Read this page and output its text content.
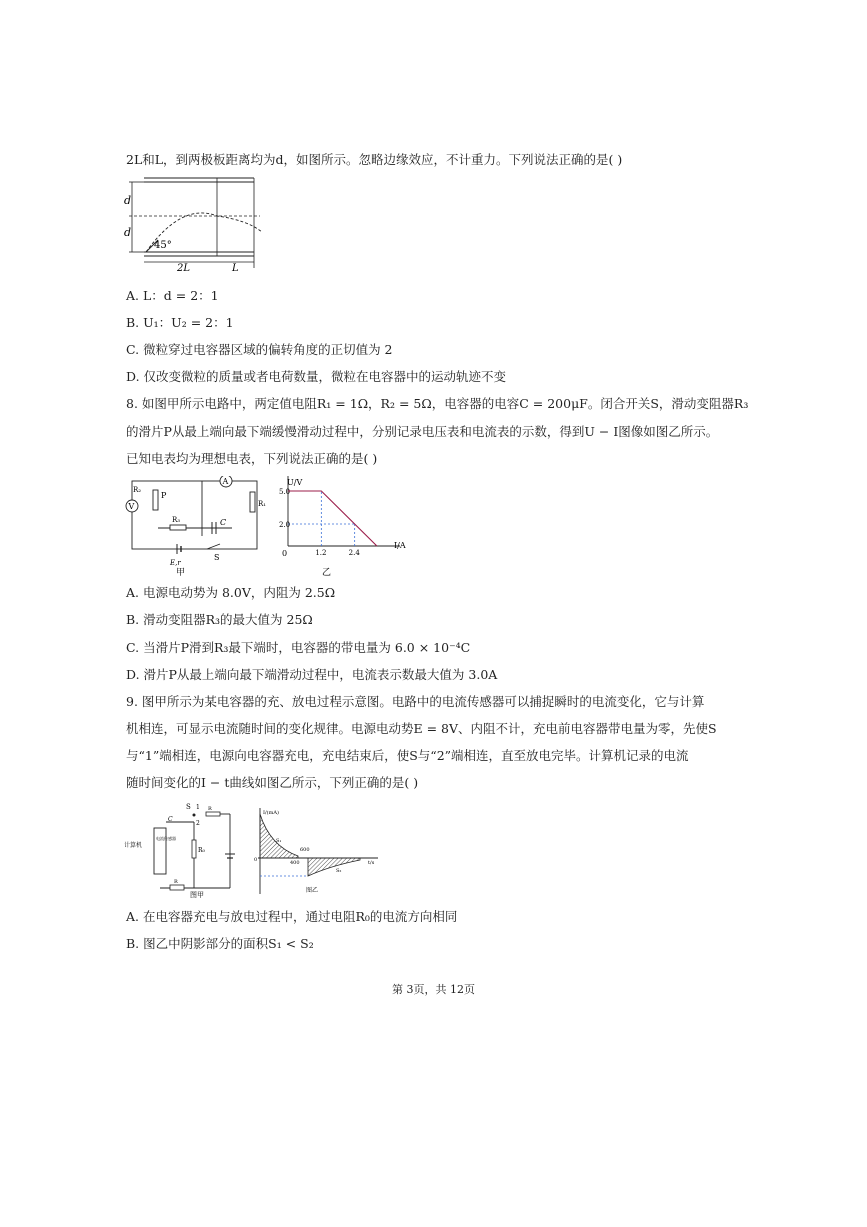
2L和L，到两极板距离均为d，如图所示。忽略边缘效应，不计重力。下列说法正确的是( )
d
d
45°
2L	L
A. L：d = 2：1
B. U₁：U₂ = 2：1
C. 微粒穿过电容器区域的偏转角度的正切值为 2
D. 仅改变微粒的质量或者电荷数量，微粒在电容器中的运动轨迹不变
8. 如图甲所示电路中，两定值电阻R₁ = 1Ω，R₂ = 5Ω，电容器的电容C = 200μF。闭合开关S，滑动变阻器R₃
的滑片P从最上端向最下端缓慢滑动过程中，分别记录电压表和电流表的示数，得到U − I图像如图乙所示。
已知电表均为理想电表，下列说法正确的是( )
V
R₂
P
A
R₁
R₃	C
E,r
S
甲
5.0
2.0
1.2	2.4
U/V
I/A
0
乙
A. 电源电动势为 8.0V，内阻为 2.5Ω
B. 滑动变阻器R₃的最大值为 25Ω
C. 当滑片P滑到R₃最下端时，电容器的带电量为 6.0 × 10⁻⁴C
D. 滑片P从最上端向最下端滑动过程中，电流表示数最大值为 3.0A
9. 图甲所示为某电容器的充、放电过程示意图。电路中的电流传感器可以捕捉瞬时的电流变化，它与计算
机相连，可显示电流随时间的变化规律。电源电动势E = 8V、内阻不计，充电前电容器带电量为零，先使S
与“1”端相连，电源向电容器充电，充电结束后，使S与“2”端相连，直至放电完毕。计算机记录的电流
随时间变化的I − t曲线如图乙所示，下列正确的是( )
计算机
电流传感器
S 1
2
R
C
R₀
R
图甲
I/(mA)
S₁
600
400
S₂
t/s
0
图乙
A. 在电容器充电与放电过程中，通过电阻R₀的电流方向相同
B. 图乙中阴影部分的面积S₁ < S₂
第 3页，共 12页
